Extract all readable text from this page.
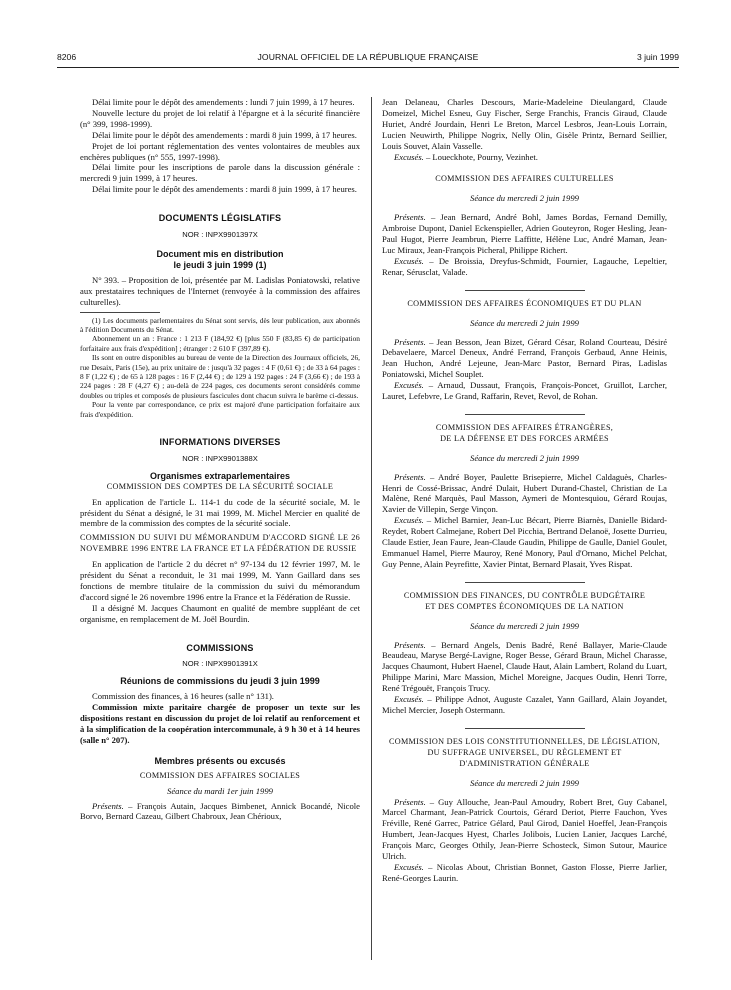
8206	JOURNAL OFFICIEL DE LA RÉPUBLIQUE FRANÇAISE	3 juin 1999

Délai limite pour le dépôt des amendements : lundi 7 juin 1999, à 17 heures.

Nouvelle lecture du projet de loi relatif à l'épargne et à la sécurité financière (n° 399, 1998-1999).

Délai limite pour le dépôt des amendements : mardi 8 juin 1999, à 17 heures.

Projet de loi portant réglementation des ventes volontaires de meubles aux enchères publiques (n° 555, 1997-1998).

Délai limite pour les inscriptions de parole dans la discussion générale : mercredi 9 juin 1999, à 17 heures.

Délai limite pour le dépôt des amendements : mardi 8 juin 1999, à 17 heures.

DOCUMENTS LÉGISLATIFS

NOR : INPX9901397X

Document mis en distribution

le jeudi 3 juin 1999 (1)

N° 393. – Proposition de loi, présentée par M. Ladislas Poniatowski, relative aux prestataires techniques de l'Internet (renvoyée à la commission des affaires culturelles).

(1) Les documents parlementaires du Sénat sont servis, dès leur publication, aux abonnés à l'édition Documents du Sénat.

Abonnement un an : France : 1 213 F (184,92 €) [plus 550 F (83,85 €) de participation forfaitaire aux frais d'expédition] ; étranger : 2 610 F (397,89 €).

Ils sont en outre disponibles au bureau de vente de la Direction des Journaux officiels, 26, rue Desaix, Paris (15e), au prix unitaire de : jusqu'à 32 pages : 4 F (0,61 €) ; de 33 à 64 pages : 8 F (1,22 €) ; de 65 à 128 pages : 16 F (2,44 €) ; de 129 à 192 pages : 24 F (3,66 €) ; de 193 à 224 pages : 28 F (4,27 €) ; au-delà de 224 pages, ces documents seront considérés comme doubles ou triples et composés de plusieurs fascicules dont chacun suivra le barème ci-dessus.

Pour la vente par correspondance, ce prix est majoré d'une participation forfaitaire aux frais d'expédition.

INFORMATIONS DIVERSES

NOR : INPX9901388X

Organismes extraparlementaires

COMMISSION DES COMPTES DE LA SÉCURITÉ SOCIALE

En application de l'article L. 114-1 du code de la sécurité sociale, M. le président du Sénat a désigné, le 31 mai 1999, M. Michel Mercier en qualité de membre de la commission des comptes de la sécurité sociale.

COMMISSION DU SUIVI DU MÉMORANDUM D'ACCORD SIGNÉ LE 26 NOVEMBRE 1996 ENTRE LA FRANCE ET LA FÉDÉRATION DE RUSSIE

En application de l'article 2 du décret n° 97-134 du 12 février 1997, M. le président du Sénat a reconduit, le 31 mai 1999, M. Yann Gaillard dans ses fonctions de membre titulaire de la commission du suivi du mémorandum d'accord signé le 26 novembre 1996 entre la France et la Fédération de Russie.

Il a désigné M. Jacques Chaumont en qualité de membre suppléant de cet organisme, en remplacement de M. Joël Bourdin.

COMMISSIONS

NOR : INPX9901391X

Réunions de commissions du jeudi 3 juin 1999

Commission des finances, à 16 heures (salle n° 131).

Commission mixte paritaire chargée de proposer un texte sur les dispositions restant en discussion du projet de loi relatif au renforcement et à la simplification de la coopération intercommunale, à 9 h 30 et à 14 heures (salle n° 207).

Membres présents ou excusés

COMMISSION DES AFFAIRES SOCIALES

Séance du mardi 1er juin 1999

Présents. – François Autain, Jacques Bimbenet, Annick Bocandé, Nicole Borvo, Bernard Cazeau, Gilbert Chabroux, Jean Chérioux,

Jean Delaneau, Charles Descours, Marie-Madeleine Dieulangard, Claude Domeizel, Michel Esneu, Guy Fischer, Serge Franchis, Francis Giraud, Claude Huriet, André Jourdain, Henri Le Breton, Marcel Lesbros, Jean-Louis Lorrain, Lucien Neuwirth, Philippe Nogrix, Nelly Olin, Gisèle Printz, Bernard Seillier, Louis Souvet, Alain Vasselle.

Excusés. – Loueckhote, Pourny, Vezinhet.

COMMISSION DES AFFAIRES CULTURELLES

Séance du mercredi 2 juin 1999

Présents. – Jean Bernard, André Bohl, James Bordas, Fernand Demilly, Ambroise Dupont, Daniel Eckenspieller, Adrien Gouteyron, Roger Hesling, Jean-Paul Hugot, Pierre Jeambrun, Pierre Laffitte, Hélène Luc, André Maman, Jean-Luc Miraux, Jean-François Picheral, Philippe Richert.

Excusés. – De Broissia, Dreyfus-Schmidt, Fournier, Lagauche, Lepeltier, Renar, Sérusclat, Valade.

COMMISSION DES AFFAIRES ÉCONOMIQUES ET DU PLAN

Séance du mercredi 2 juin 1999

Présents. – Jean Besson, Jean Bizet, Gérard César, Roland Courteau, Désiré Debavelaere, Marcel Deneux, André Ferrand, François Gerbaud, Anne Heinis, Jean Huchon, André Lejeune, Jean-Marc Pastor, Bernard Piras, Ladislas Poniatowski, Michel Souplet.

Excusés. – Arnaud, Dussaut, François, François-Poncet, Gruillot, Larcher, Lauret, Lefebvre, Le Grand, Raffarin, Revet, Revol, de Rohan.

COMMISSION DES AFFAIRES ÉTRANGÈRES,

DE LA DÉFENSE ET DES FORCES ARMÉES

Séance du mercredi 2 juin 1999

Présents. – André Boyer, Paulette Brisepierre, Michel Caldaguès, Charles-Henri de Cossé-Brissac, André Dulait, Hubert Durand-Chastel, Christian de La Malène, René Marquès, Paul Masson, Aymeri de Montesquiou, Gérard Roujas, Xavier de Villepin, Serge Vinçon.

Excusés. – Michel Barnier, Jean-Luc Bécart, Pierre Biarnès, Danielle Bidard-Reydet, Robert Calmejane, Robert Del Picchia, Bertrand Delanoë, Josette Durrieu, Claude Estier, Jean Faure, Jean-Claude Gaudin, Philippe de Gaulle, Daniel Goulet, Emmanuel Hamel, Pierre Mauroy, René Monory, Paul d'Ornano, Michel Pelchat, Guy Penne, Alain Peyrefitte, Xavier Pintat, Bernard Plasait, Yves Rispat.

COMMISSION DES FINANCES, DU CONTRÔLE BUDGÉTAIRE

ET DES COMPTES ÉCONOMIQUES DE LA NATION

Séance du mercredi 2 juin 1999

Présents. – Bernard Angels, Denis Badré, René Ballayer, Marie-Claude Beaudeau, Maryse Bergé-Lavigne, Roger Besse, Gérard Braun, Michel Charasse, Jacques Chaumont, Hubert Haenel, Claude Haut, Alain Lambert, Roland du Luart, Philippe Marini, Marc Massion, Michel Moreigne, Jacques Oudin, Henri Torre, René Trégouët, François Trucy.

Excusés. – Philippe Adnot, Auguste Cazalet, Yann Gaillard, Alain Joyandet, Michel Mercier, Joseph Ostermann.

COMMISSION DES LOIS CONSTITUTIONNELLES, DE LÉGISLATION, DU SUFFRAGE UNIVERSEL, DU RÈGLEMENT ET

D'ADMINISTRATION GÉNÉRALE

Séance du mercredi 2 juin 1999

Présents. – Guy Allouche, Jean-Paul Amoudry, Robert Bret, Guy Cabanel, Marcel Charmant, Jean-Patrick Courtois, Gérard Deriot, Pierre Fauchon, Yves Fréville, René Garrec, Patrice Gélard, Paul Girod, Daniel Hoeffel, Jean-François Humbert, Jean-Jacques Hyest, Charles Jolibois, Lucien Lanier, Jacques Larché, François Marc, Georges Othily, Jean-Pierre Schosteck, Simon Sutour, Maurice Ulrich.

Excusés. – Nicolas About, Christian Bonnet, Gaston Flosse, Pierre Jarlier, René-Georges Laurin.
